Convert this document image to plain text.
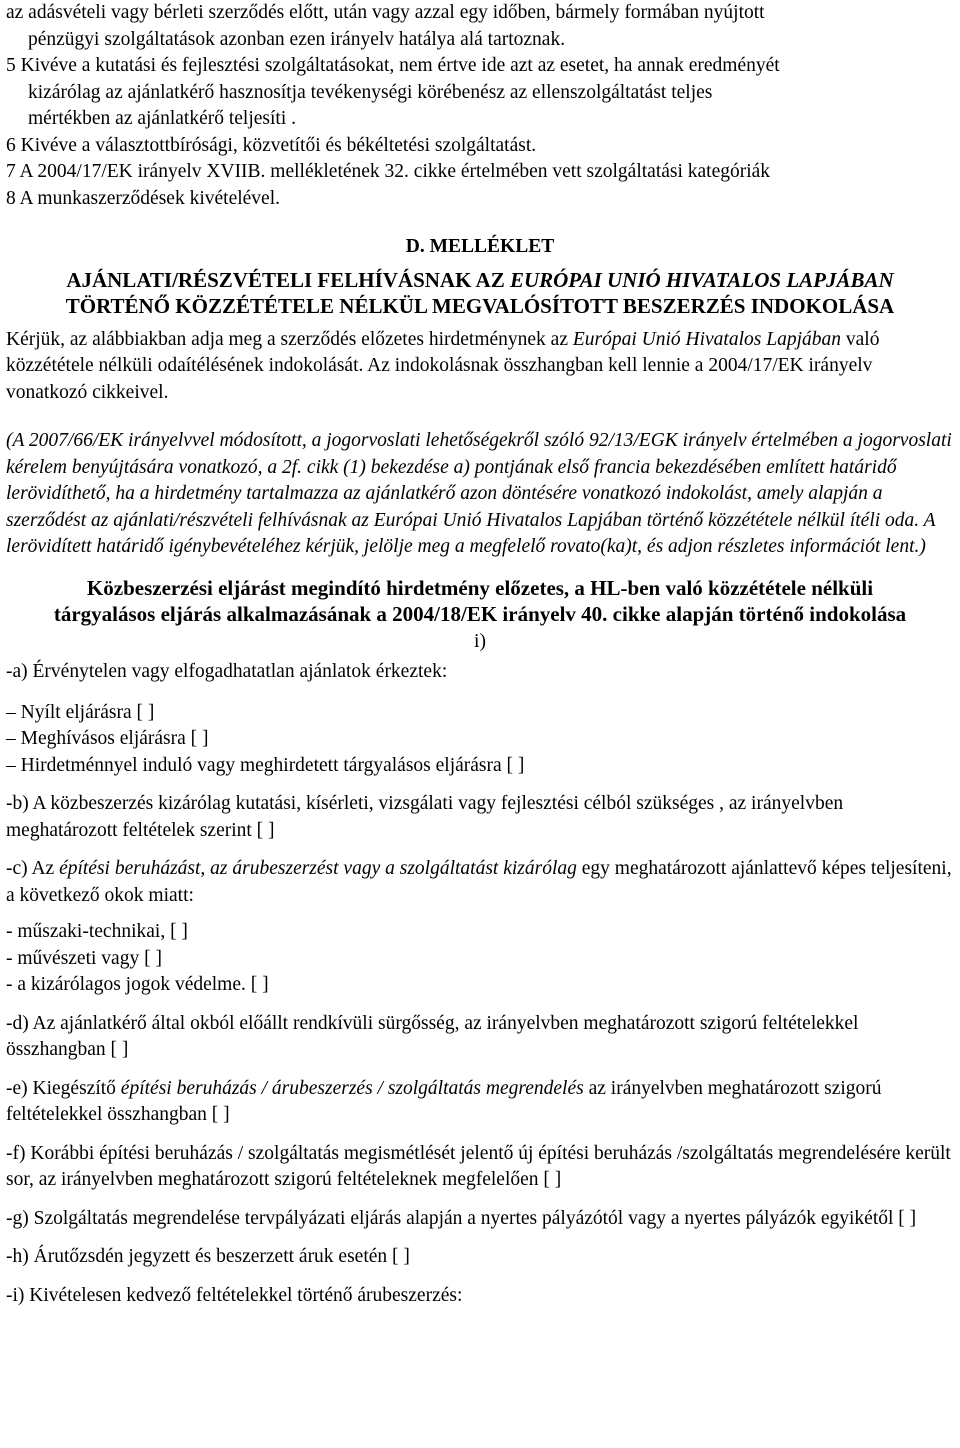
az adásvételi vagy bérleti szerződés előtt, után vagy azzal egy időben, bármely formában nyújtott

pénzügyi szolgáltatások azonban ezen irányelv hatálya alá tartoznak.

5 Kivéve a kutatási és fejlesztési szolgáltatásokat, nem értve ide azt az esetet, ha annak eredményét

kizárólag az ajánlatkérő hasznosítja tevékenységi körébenész az ellenszolgáltatást teljes

mértékben az ajánlatkérő teljesíti .

6 Kivéve a választottbírósági, közvetítői és békéltetési szolgáltatást.

7 A 2004/17/EK irányelv XVIIB. mellékletének 32. cikke értelmében vett szolgáltatási kategóriák

8 A munkaszerződések kivételével.

D. MELLÉKLET

AJÁNLATI/RÉSZVÉTELI FELHÍVÁSNAK AZ EURÓPAI UNIÓ HIVATALOS LAPJÁBAN

TÖRTÉNŐ KÖZZÉTÉTELE NÉLKÜL MEGVALÓSÍTOTT BESZERZÉS INDOKOLÁSA

Kérjük, az alábbiakban adja meg a szerződés előzetes hirdetménynek az Európai Unió Hivatalos Lapjában való közzététele nélküli odaítélésének indokolását. Az indokolásnak összhangban kell lennie a 2004/17/EK irányelv vonatkozó cikkeivel.

(A 2007/66/EK irányelvvel módosított, a jogorvoslati lehetőségekről szóló 92/13/EGK irányelv értelmében a jogorvoslati kérelem benyújtására vonatkozó, a 2f. cikk (1) bekezdése a) pontjának első francia bekezdésében említett határidő lerövidíthető, ha a hirdetmény tartalmazza az ajánlatkérő azon döntésére vonatkozó indokolást, amely alapján a szerződést az ajánlati/részvételi felhívásnak az Európai Unió Hivatalos Lapjában történő közzététele nélkül ítéli oda. A lerövidített határidő igénybevételéhez kérjük, jelölje meg a megfelelő rovato(ka)t, és adjon részletes információt lent.)

Közbeszerzési eljárást megindító hirdetmény előzetes, a HL-ben való közzététele nélküli tárgyalásos eljárás alkalmazásának a 2004/18/EK irányelv 40. cikke alapján történő indokolása

i)

-a) Érvénytelen vagy elfogadhatatlan ajánlatok érkeztek:

– Nyílt eljárásra [ ]

– Meghívásos eljárásra [ ]

– Hirdetménnyel induló vagy meghirdetett tárgyalásos eljárásra [ ]

-b) A közbeszerzés kizárólag kutatási, kísérleti, vizsgálati vagy fejlesztési célból szükséges , az irányelvben meghatározott feltételek szerint [ ]

-c) Az építési beruházást, az árubeszerzést vagy a szolgáltatást kizárólag egy meghatározott ajánlattevő képes teljesíteni, a következő okok miatt:

- műszaki-technikai, [ ]

- művészeti vagy [ ]

- a kizárólagos jogok védelme. [ ]

-d) Az ajánlatkérő által okból előállt rendkívüli sürgősség, az irányelvben meghatározott szigorú feltételekkel összhangban [ ]

-e) Kiegészítő építési beruházás / árubeszerzés / szolgáltatás megrendelés az irányelvben meghatározott szigorú feltételekkel összhangban [ ]

-f) Korábbi építési beruházás / szolgáltatás megismétlését jelentő új építési beruházás /szolgáltatás megrendelésére került sor, az irányelvben meghatározott szigorú feltételeknek megfelelően [ ]

-g) Szolgáltatás megrendelése tervpályázati eljárás alapján a nyertes pályázótól vagy a nyertes pályázók egyikétől [ ]

-h) Árutőzsdén jegyzett és beszerzett áruk esetén [ ]

-i) Kivételesen kedvező feltételekkel történő árubeszerzés:
